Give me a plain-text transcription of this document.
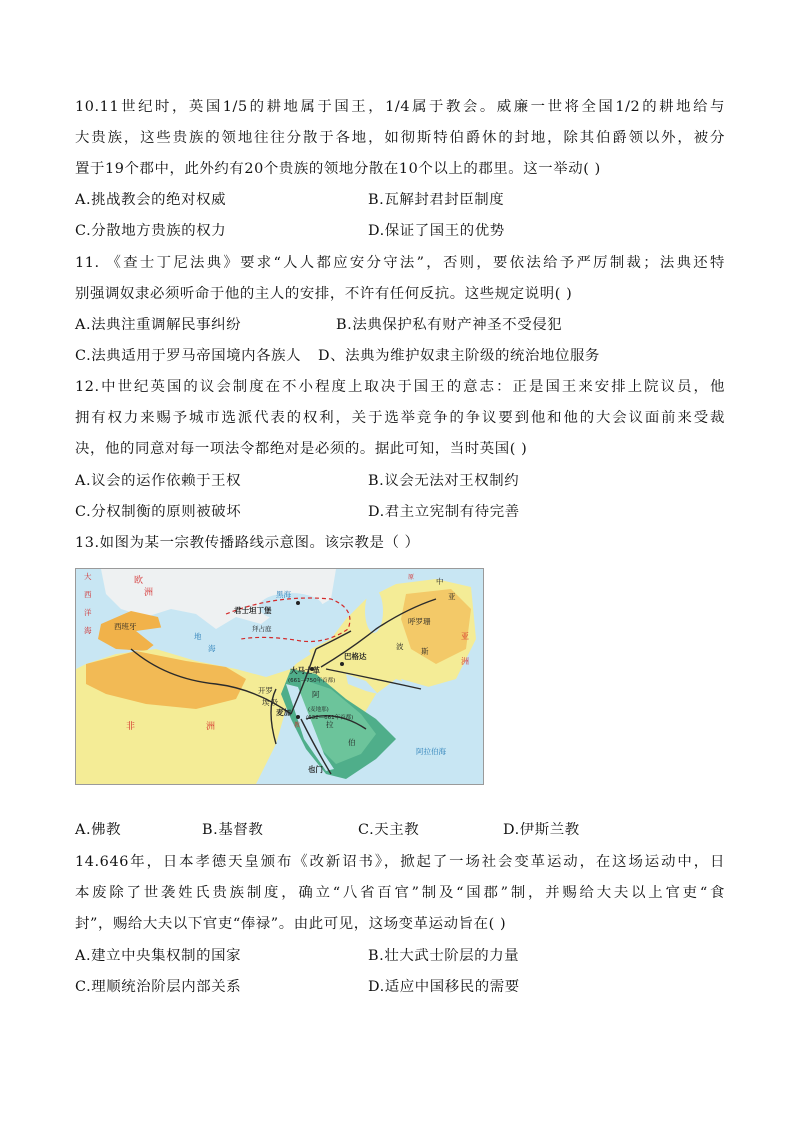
10.11世纪时，英国1/5的耕地属于国王，1/4属于教会。威廉一世将全国1/2的耕地给与
大贵族，这些贵族的领地往往分散于各地，如彻斯特伯爵休的封地，除其伯爵领以外，被分
置于19个郡中，此外约有20个贵族的领地分散在10个以上的郡里。这一举动( )
A.挑战教会的绝对权威	B.瓦解封君封臣制度
C.分散地方贵族的权力	D.保证了国王的优势
11. 《查士丁尼法典》要求“人人都应安分守法”，否则，要依法给予严厉制裁；法典还特
别强调奴隶必须听命于他的主人的安排，不许有任何反抗。这些规定说明( )
A.法典注重调解民事纠纷	B.法典保护私有财产神圣不受侵犯
C.法典适用于罗马帝国境内各族人 D、法典为维护奴隶主阶级的统治地位服务
12.中世纪英国的议会制度在不小程度上取决于国王的意志：正是国王来安排上院议员，他
拥有权力来赐予城市选派代表的权利，关于选举竞争的争议要到他和他的大会议面前来受裁
决，他的同意对每一项法令都绝对是必须的。据此可知，当时英国( )
A.议会的运作依赖于王权	B.议会无法对王权制约
C.分权制衡的原则被破坏	D.君主立宪制有待完善
13.如图为某一宗教传播路线示意图。该宗教是（ ）
大
西
洋
海	西班牙
欧
洲
地
海
黑海
君士坦丁堡
拜占庭
巴格达
大马士革
(661—750年首都)
开罗
埃 及
非	洲
麦加	(麦地那)
(632—661年首都)
也门
阿
拉
伯
阿拉伯海
中
亚
呼罗珊
波
斯
亚
洲
原
教
A.佛教	B.基督教	C.天主教	D.伊斯兰教
14.646年，日本孝德天皇颁布《改新诏书》，掀起了一场社会变革运动，在这场运动中，日
本废除了世袭姓氏贵族制度，确立“八省百官”制及“国郡”制，并赐给大夫以上官吏“食
封”，赐给大夫以下官吏“俸禄”。由此可见，这场变革运动旨在( )
A.建立中央集权制的国家	B.壮大武士阶层的力量
C.理顺统治阶层内部关系	D.适应中国移民的需要
